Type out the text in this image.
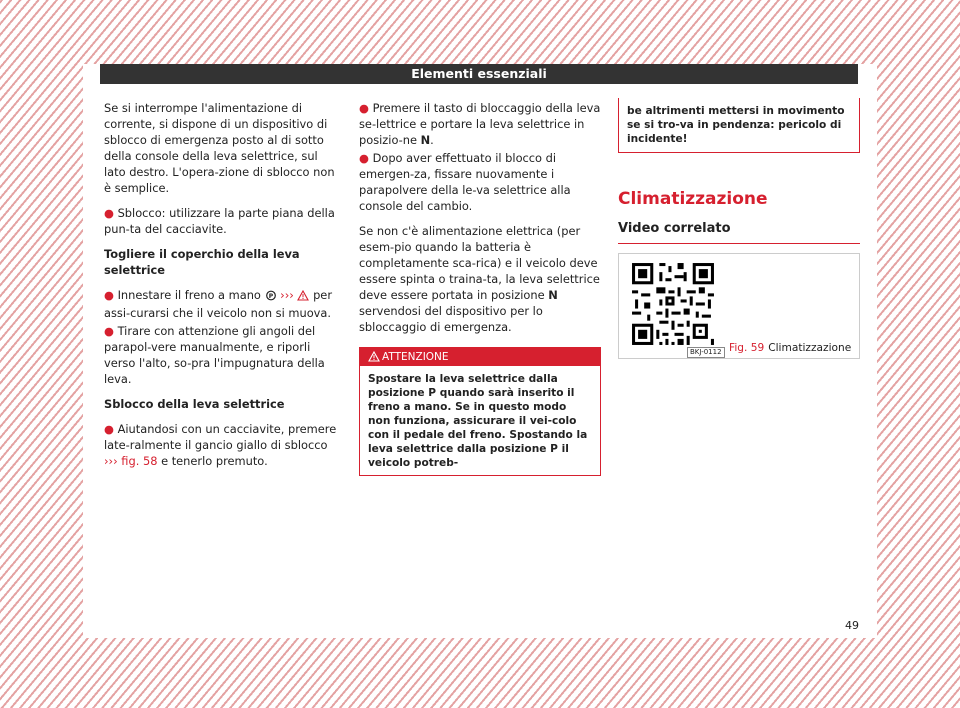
Elementi essenziali

Se si interrompe l'alimentazione di corrente, si dispone di un dispositivo di sblocco di emergenza posto al di sotto della console della leva selettrice, sul lato destro. L'opera-zione di sblocco non è semplice.

● Sblocco: utilizzare la parte piana della pun-ta del cacciavite.

Togliere il coperchio della leva selettrice

● Innestare il freno a mano P ››› per assi-curarsi che il veicolo non si muova.

● Tirare con attenzione gli angoli del parapol-vere manualmente, e riporli verso l'alto, so-pra l'impugnatura della leva.

Sblocco della leva selettrice

● Aiutandosi con un cacciavite, premere late-ralmente il gancio giallo di sblocco ››› fig. 58 e tenerlo premuto.

● Premere il tasto di bloccaggio della leva se-lettrice e portare la leva selettrice in posizio-ne N.

● Dopo aver effettuato il blocco di emergen-za, fissare nuovamente i parapolvere della le-va selettrice alla console del cambio.

Se non c'è alimentazione elettrica (per esem-pio quando la batteria è completamente sca-rica) e il veicolo deve essere spinta o traina-ta, la leva selettrice deve essere portata in posizione N servendosi del dispositivo per lo sbloccaggio di emergenza.

ATTENZIONE
Spostare la leva selettrice dalla posizione P quando sarà inserito il freno a mano. Se in questo modo non funziona, assicurare il vei-colo con il pedale del freno. Spostando la leva selettrice dalla posizione P il veicolo potreb-
be altrimenti mettersi in movimento se si tro-va in pendenza: pericolo di incidente!
Climatizzazione
Video correlato
BKJ-0112 Fig. 59 Climatizzazione
49
